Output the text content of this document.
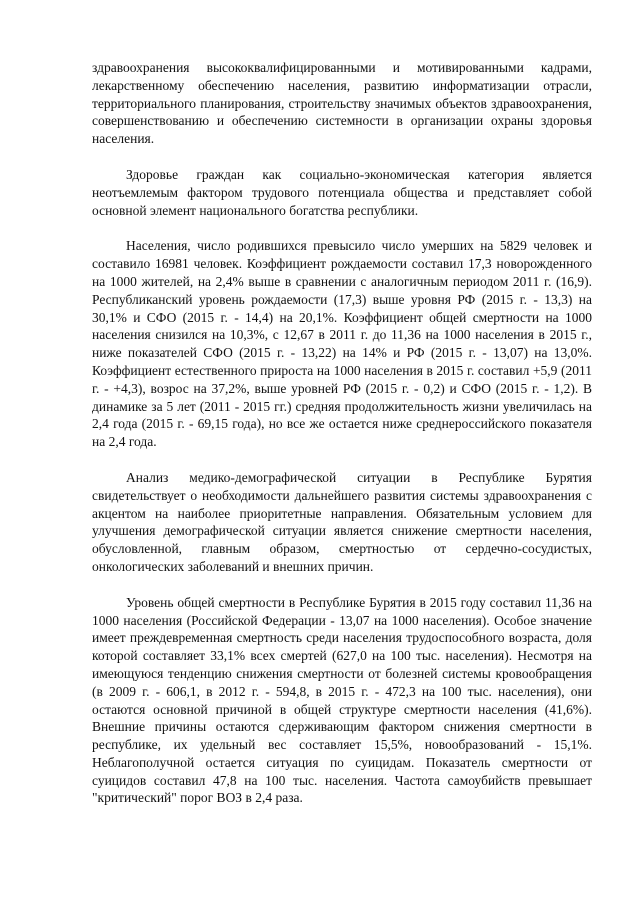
здравоохранения высококвалифицированными и мотивированными кадрами, лекарственному обеспечению населения, развитию информатизации отрасли, территориального планирования, строительству значимых объектов здравоохранения, совершенствованию и обеспечению системности в организации охраны здоровья населения.

Здоровье граждан как социально-экономическая категория является неотъемлемым фактором трудового потенциала общества и представляет собой основной элемент национального богатства республики.

Населения, число родившихся превысило число умерших на 5829 человек и составило 16981 человек. Коэффициент рождаемости составил 17,3 новорожденного на 1000 жителей, на 2,4% выше в сравнении с аналогичным периодом 2011 г. (16,9). Республиканский уровень рождаемости (17,3) выше уровня РФ (2015 г. - 13,3) на 30,1% и СФО (2015 г. - 14,4) на 20,1%. Коэффициент общей смертности на 1000 населения снизился на 10,3%, с 12,67 в 2011 г. до 11,36 на 1000 населения в 2015 г., ниже показателей СФО (2015 г. - 13,22) на 14% и РФ (2015 г. - 13,07) на 13,0%. Коэффициент естественного прироста на 1000 населения в 2015 г. составил +5,9 (2011 г. - +4,3), возрос на 37,2%, выше уровней РФ (2015 г. - 0,2) и СФО (2015 г. - 1,2). В динамике за 5 лет (2011 - 2015 гг.) средняя продолжительность жизни увеличилась на 2,4 года (2015 г. - 69,15 года), но все же остается ниже среднероссийского показателя на 2,4 года.

Анализ медико-демографической ситуации в Республике Бурятия свидетельствует о необходимости дальнейшего развития системы здравоохранения с акцентом на наиболее приоритетные направления. Обязательным условием для улучшения демографической ситуации является снижение смертности населения, обусловленной, главным образом, смертностью от сердечно-сосудистых, онкологических заболеваний и внешних причин.

Уровень общей смертности в Республике Бурятия в 2015 году составил 11,36 на 1000 населения (Российской Федерации - 13,07 на 1000 населения). Особое значение имеет преждевременная смертность среди населения трудоспособного возраста, доля которой составляет 33,1% всех смертей (627,0 на 100 тыс. населения). Несмотря на имеющуюся тенденцию снижения смертности от болезней системы кровообращения (в 2009 г. - 606,1, в 2012 г. - 594,8, в 2015 г. - 472,3 на 100 тыс. населения), они остаются основной причиной в общей структуре смертности населения (41,6%). Внешние причины остаются сдерживающим фактором снижения смертности в республике, их удельный вес составляет 15,5%, новообразований - 15,1%. Неблагополучной остается ситуация по суицидам. Показатель смертности от суицидов составил 47,8 на 100 тыс. населения. Частота самоубийств превышает "критический" порог ВОЗ в 2,4 раза.
